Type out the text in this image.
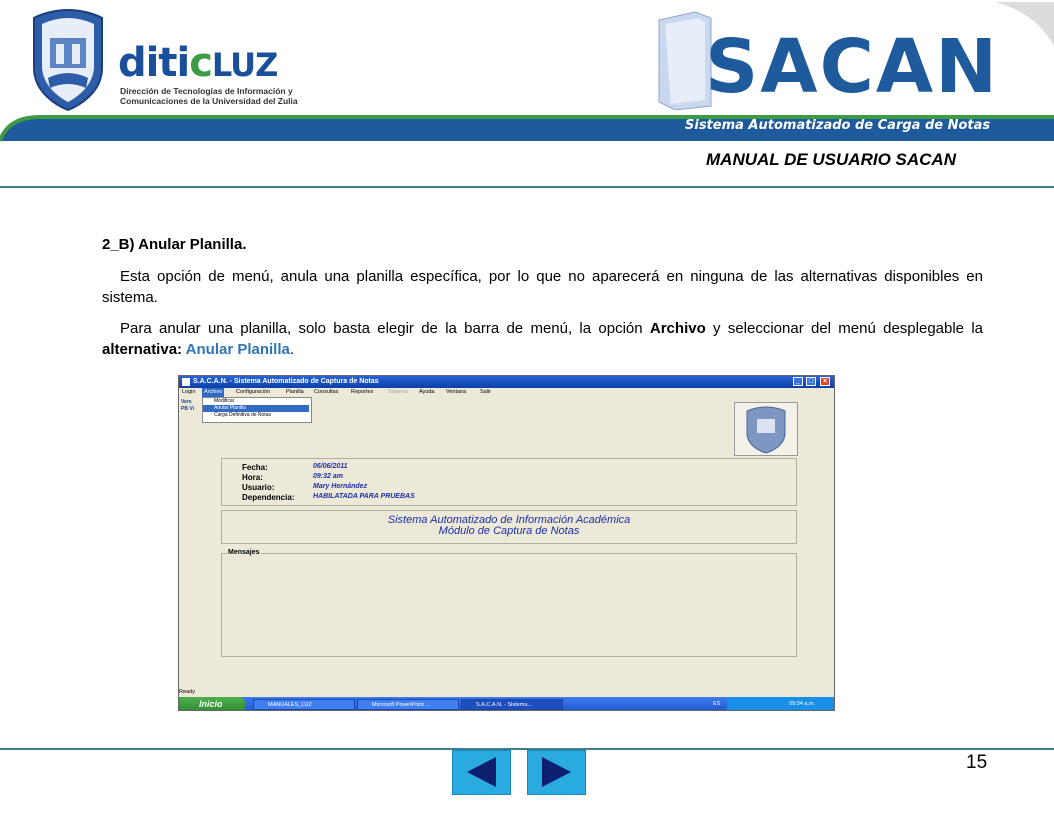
diticLUZ
Dirección de Tecnologías de Información y Comunicaciones de la Universidad del Zulia	SACAN
Sistema Automatizado de Carga de Notas
MANUAL DE USUARIO SACAN
2_B) Anular Planilla.
Esta opción de menú, anula una planilla específica, por lo que no aparecerá en ninguna de las alternativas disponibles en sistema.
Para anular una planilla, solo basta elegir de la barra de menú, la opción Archivo y seleccionar del menú desplegable la alternativa: Anular Planilla.
S.A.C.A.N. - Sistema Automatizado de Captura de Notas	_	□	×
Login	Archivo	Configuración	Planilla Consultas Reportes	Sistema Ayuda Ventana	Salir
Vers
PB Vi
Modificar
Anular Planilla
Carga Definitiva de Notas
Fecha:	06/06/2011
Hora:	09:32 am
Usuario:	Mary Hernández
Dependencia:	HABILATADA PARA PRUEBAS
Sistema Automatizado de Información Académica
Módulo de Captura de Notas
Mensajes
Ready
Inicio	MANUALES_LUZ	Microsoft PowerPoint ...	S.A.C.A.N. - Sistema...	ES	09:34 a.m.
15
